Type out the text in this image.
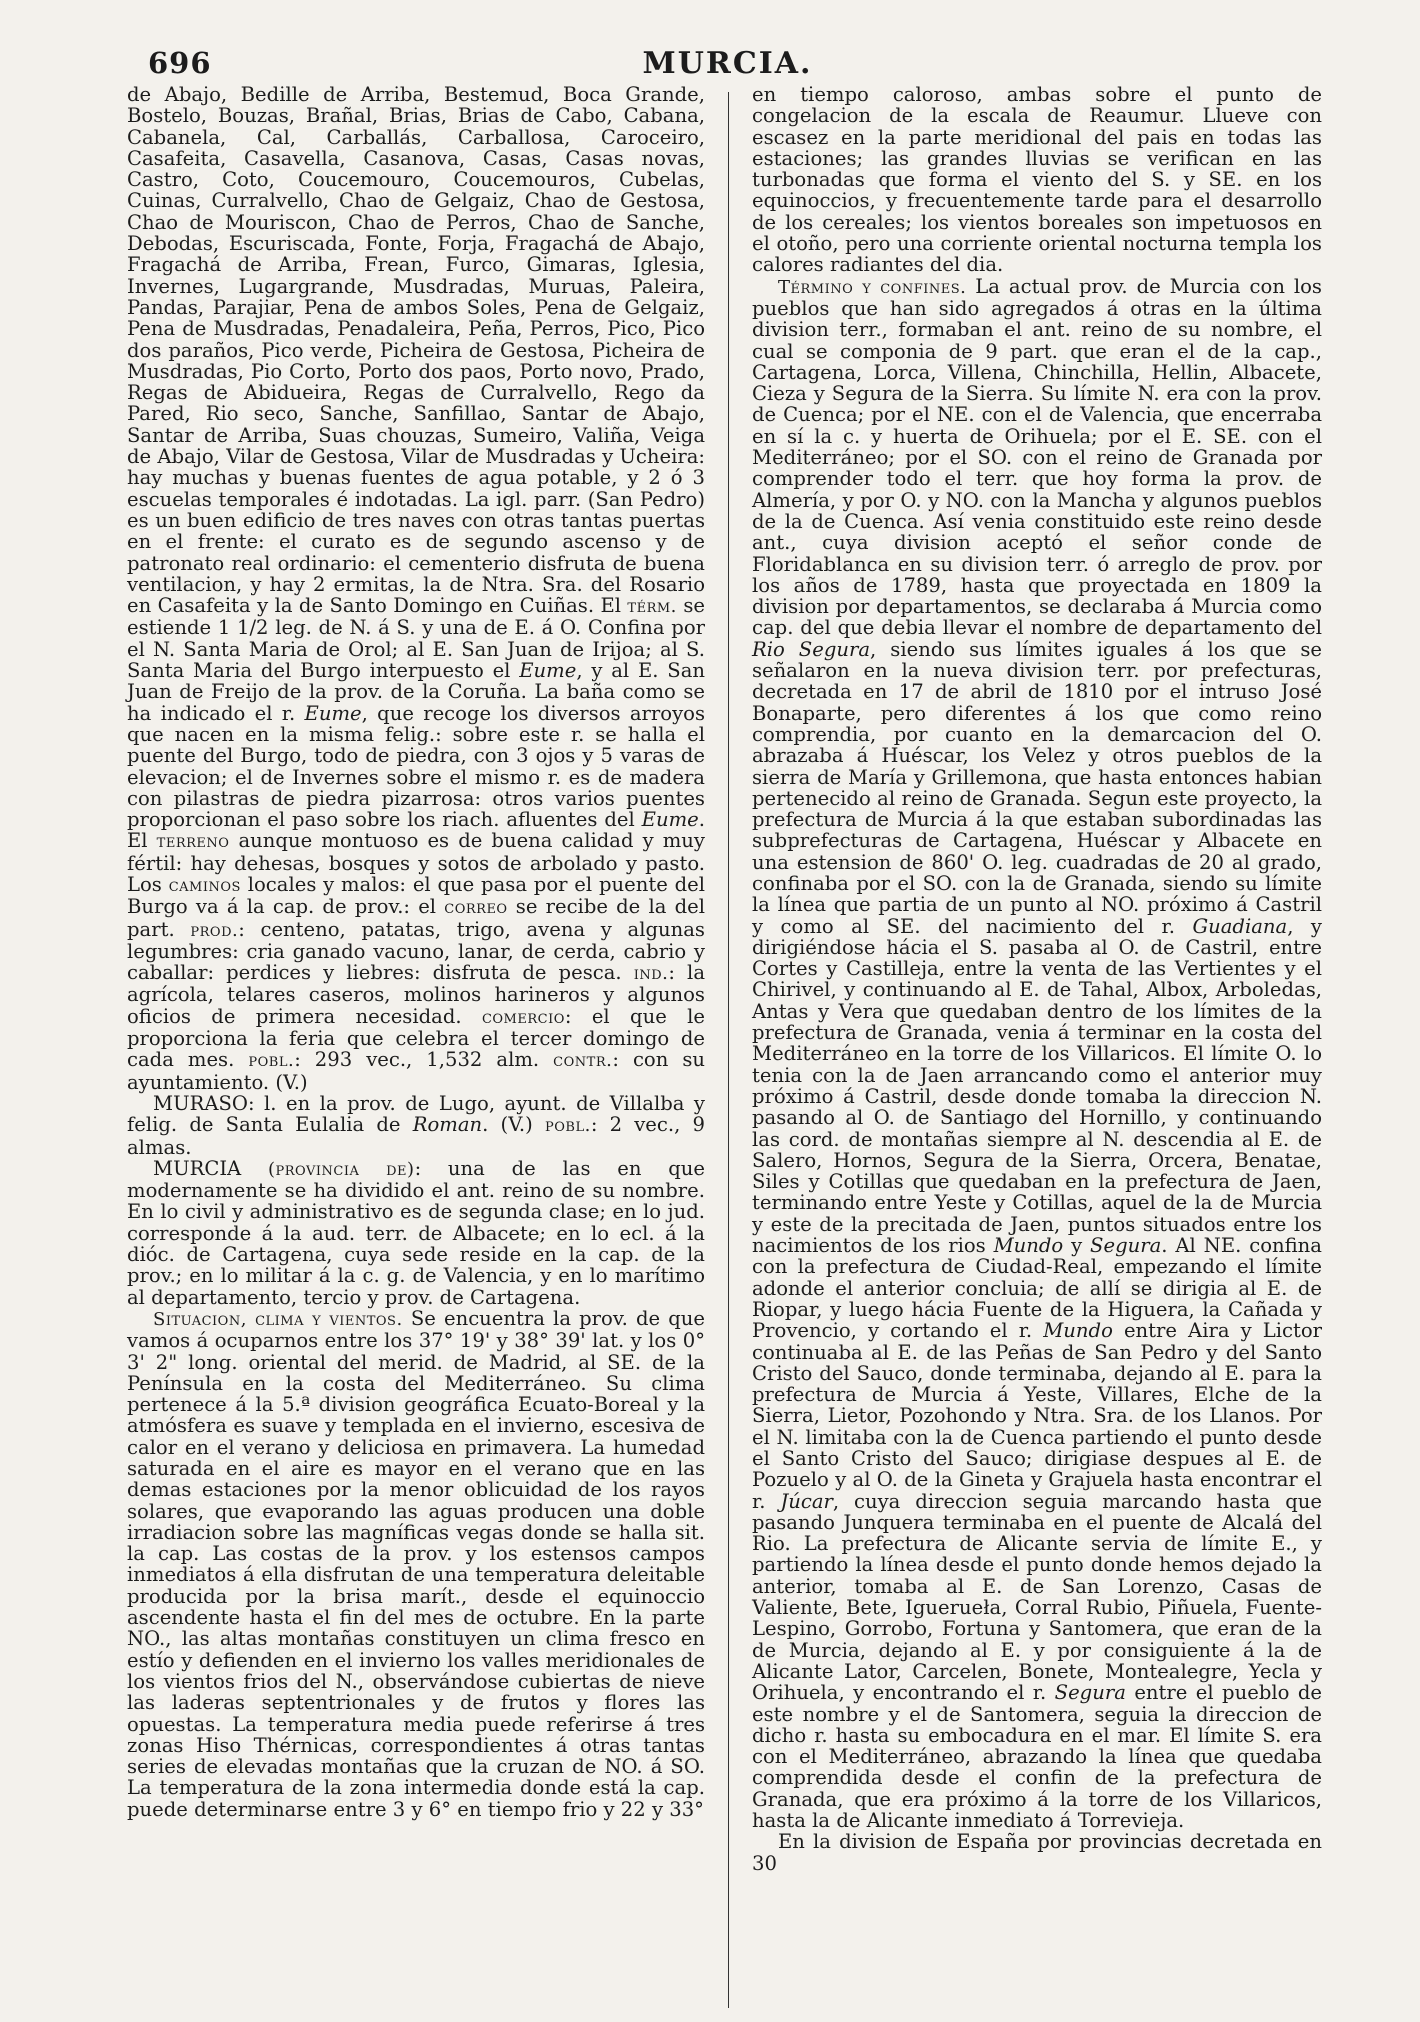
696	MURCIA.

de Abajo, Bedille de Arriba, Bestemud, Boca Grande, Bostelo, Bouzas, Brañal, Brias, Brias de Cabo, Cabana, Cabanela, Cal, Carballás, Carballosa, Caroceiro, Casafeita, Casavella, Casanova, Casas, Casas novas, Castro, Coto, Coucemouro, Coucemouros, Cubelas, Cuinas, Curralvello, Chao de Gelgaiz, Chao de Gestosa, Chao de Mouriscon, Chao de Perros, Chao de Sanche, Debodas, Escuriscada, Fonte, Forja, Fragachá de Abajo, Fragachá de Arriba, Frean, Furco, Gimaras, Iglesia, Invernes, Lugargrande, Musdradas, Muruas, Paleira, Pandas, Parajiar, Pena de ambos Soles, Pena de Gelgaiz, Pena de Musdradas, Penadaleira, Peña, Perros, Pico, Pico dos paraños, Pico verde, Picheira de Gestosa, Picheira de Musdradas, Pio Corto, Porto dos paos, Porto novo, Prado, Regas de Abidueira, Regas de Curralvello, Rego da Pared, Rio seco, Sanche, Sanfillao, Santar de Abajo, Santar de Arriba, Suas chouzas, Sumeiro, Valiña, Veiga de Abajo, Vilar de Gestosa, Vilar de Musdradas y Ucheira: hay muchas y buenas fuentes de agua potable, y 2 ó 3 escuelas temporales é indotadas. La igl. parr. (San Pedro) es un buen edificio de tres naves con otras tantas puertas en el frente: el curato es de segundo ascenso y de patronato real ordinario: el cementerio disfruta de buena ventilacion, y hay 2 ermitas, la de Ntra. Sra. del Rosario en Casafeita y la de Santo Domingo en Cuiñas. El térm. se estiende 1 1/2 leg. de N. á S. y una de E. á O. Confina por el N. Santa Maria de Orol; al E. San Juan de Irijoa; al S. Santa Maria del Burgo interpuesto el Eume, y al E. San Juan de Freijo de la prov. de la Coruña. La baña como se ha indicado el r. Eume, que recoge los diversos arroyos que nacen en la misma felig.: sobre este r. se halla el puente del Burgo, todo de piedra, con 3 ojos y 5 varas de elevacion; el de Invernes sobre el mismo r. es de madera con pilastras de piedra pizarrosa: otros varios puentes proporcionan el paso sobre los riach. afluentes del Eume. El terreno aunque montuoso es de buena calidad y muy fértil: hay dehesas, bosques y sotos de arbolado y pasto. Los caminos locales y malos: el que pasa por el puente del Burgo va á la cap. de prov.: el correo se recibe de la del part. prod.: centeno, patatas, trigo, avena y algunas legumbres: cria ganado vacuno, lanar, de cerda, cabrio y caballar: perdices y liebres: disfruta de pesca. ind.: la agrícola, telares caseros, molinos harineros y algunos oficios de primera necesidad. comercio: el que le proporciona la feria que celebra el tercer domingo de cada mes. pobl.: 293 vec., 1,532 alm. contr.: con su ayuntamiento. (V.)

MURASO: l. en la prov. de Lugo, ayunt. de Villalba y felig. de Santa Eulalia de Roman. (V.) pobl.: 2 vec., 9 almas.

MURCIA (provincia de): una de las en que modernamente se ha dividido el ant. reino de su nombre. En lo civil y administrativo es de segunda clase; en lo jud. corresponde á la aud. terr. de Albacete; en lo ecl. á la dióc. de Cartagena, cuya sede reside en la cap. de la prov.; en lo militar á la c. g. de Valencia, y en lo marítimo al departamento, tercio y prov. de Cartagena.

Situacion, clima y vientos. Se encuentra la prov. de que vamos á ocuparnos entre los 37° 19' y 38° 39' lat. y los 0° 3' 2" long. oriental del merid. de Madrid, al SE. de la Península en la costa del Mediterráneo. Su clima pertenece á la 5.ª division geográfica Ecuato-Boreal y la atmósfera es suave y templada en el invierno, escesiva de calor en el verano y deliciosa en primavera. La humedad saturada en el aire es mayor en el verano que en las demas estaciones por la menor oblicuidad de los rayos solares, que evaporando las aguas producen una doble irradiacion sobre las magníficas vegas donde se halla sit. la cap. Las costas de la prov. y los estensos campos inmediatos á ella disfrutan de una temperatura deleitable producida por la brisa marít., desde el equinoccio ascendente hasta el fin del mes de octubre. En la parte NO., las altas montañas constituyen un clima fresco en estío y defienden en el invierno los valles meridionales de los vientos frios del N., observándose cubiertas de nieve las laderas septentrionales y de frutos y flores las opuestas. La temperatura media puede referirse á tres zonas Hiso Thérnicas, correspondientes á otras tantas series de elevadas montañas que la cruzan de NO. á SO. La temperatura de la zona intermedia donde está la cap. puede determinarse entre 3 y 6° en tiempo frio y 22 y 33°

en tiempo caloroso, ambas sobre el punto de congelacion de la escala de Reaumur. Llueve con escasez en la parte meridional del pais en todas las estaciones; las grandes lluvias se verifican en las turbonadas que forma el viento del S. y SE. en los equinoccios, y frecuentemente tarde para el desarrollo de los cereales; los vientos boreales son impetuosos en el otoño, pero una corriente oriental nocturna templa los calores radiantes del dia.

Término y confines. La actual prov. de Murcia con los pueblos que han sido agregados á otras en la última division terr., formaban el ant. reino de su nombre, el cual se componia de 9 part. que eran el de la cap., Cartagena, Lorca, Villena, Chinchilla, Hellin, Albacete, Cieza y Segura de la Sierra. Su límite N. era con la prov. de Cuenca; por el NE. con el de Valencia, que encerraba en sí la c. y huerta de Orihuela; por el E. SE. con el Mediterráneo; por el SO. con el reino de Granada por comprender todo el terr. que hoy forma la prov. de Almería, y por O. y NO. con la Mancha y algunos pueblos de la de Cuenca. Así venia constituido este reino desde ant., cuya division aceptó el señor conde de Floridablanca en su division terr. ó arreglo de prov. por los años de 1789, hasta que proyectada en 1809 la division por departamentos, se declaraba á Murcia como cap. del que debia llevar el nombre de departamento del Rio Segura, siendo sus límites iguales á los que se señalaron en la nueva division terr. por prefecturas, decretada en 17 de abril de 1810 por el intruso José Bonaparte, pero diferentes á los que como reino comprendia, por cuanto en la demarcacion del O. abrazaba á Huéscar, los Velez y otros pueblos de la sierra de María y Grillemona, que hasta entonces habian pertenecido al reino de Granada. Segun este proyecto, la prefectura de Murcia á la que estaban subordinadas las subprefecturas de Cartagena, Huéscar y Albacete en una estension de 860' O. leg. cuadradas de 20 al grado, confinaba por el SO. con la de Granada, siendo su límite la línea que partia de un punto al NO. próximo á Castril y como al SE. del nacimiento del r. Guadiana, y dirigiéndose hácia el S. pasaba al O. de Castril, entre Cortes y Castilleja, entre la venta de las Vertientes y el Chirivel, y continuando al E. de Tahal, Albox, Arboledas, Antas y Vera que quedaban dentro de los límites de la prefectura de Granada, venia á terminar en la costa del Mediterráneo en la torre de los Villaricos. El límite O. lo tenia con la de Jaen arrancando como el anterior muy próximo á Castril, desde donde tomaba la direccion N. pasando al O. de Santiago del Hornillo, y continuando las cord. de montañas siempre al N. descendia al E. de Salero, Hornos, Segura de la Sierra, Orcera, Benatae, Siles y Cotillas que quedaban en la prefectura de Jaen, terminando entre Yeste y Cotillas, aquel de la de Murcia y este de la precitada de Jaen, puntos situados entre los nacimientos de los rios Mundo y Segura. Al NE. confina con la prefectura de Ciudad-Real, empezando el límite adonde el anterior concluia; de allí se dirigia al E. de Riopar, y luego hácia Fuente de la Higuera, la Cañada y Provencio, y cortando el r. Mundo entre Aira y Lictor continuaba al E. de las Peñas de San Pedro y del Santo Cristo del Sauco, donde terminaba, dejando al E. para la prefectura de Murcia á Yeste, Villares, Elche de la Sierra, Lietor, Pozohondo y Ntra. Sra. de los Llanos. Por el N. limitaba con la de Cuenca partiendo el punto desde el Santo Cristo del Sauco; dirigiase despues al E. de Pozuelo y al O. de la Gineta y Grajuela hasta encontrar el r. Júcar, cuya direccion seguia marcando hasta que pasando Junquera terminaba en el puente de Alcalá del Rio. La prefectura de Alicante servia de límite E., y partiendo la línea desde el punto donde hemos dejado la anterior, tomaba al E. de San Lorenzo, Casas de Valiente, Bete, Iguerueła, Corral Rubio, Piñuela, Fuente-Lespino, Gorrobo, Fortuna y Santomera, que eran de la de Murcia, dejando al E. y por consiguiente á la de Alicante Lator, Carcelen, Bonete, Montealegre, Yecla y Orihuela, y encontrando el r. Segura entre el pueblo de este nombre y el de Santomera, seguia la direccion de dicho r. hasta su embocadura en el mar. El límite S. era con el Mediterráneo, abrazando la línea que quedaba comprendida desde el confin de la prefectura de Granada, que era próximo á la torre de los Villaricos, hasta la de Alicante inmediato á Torrevieja.

En la division de España por provincias decretada en 30
